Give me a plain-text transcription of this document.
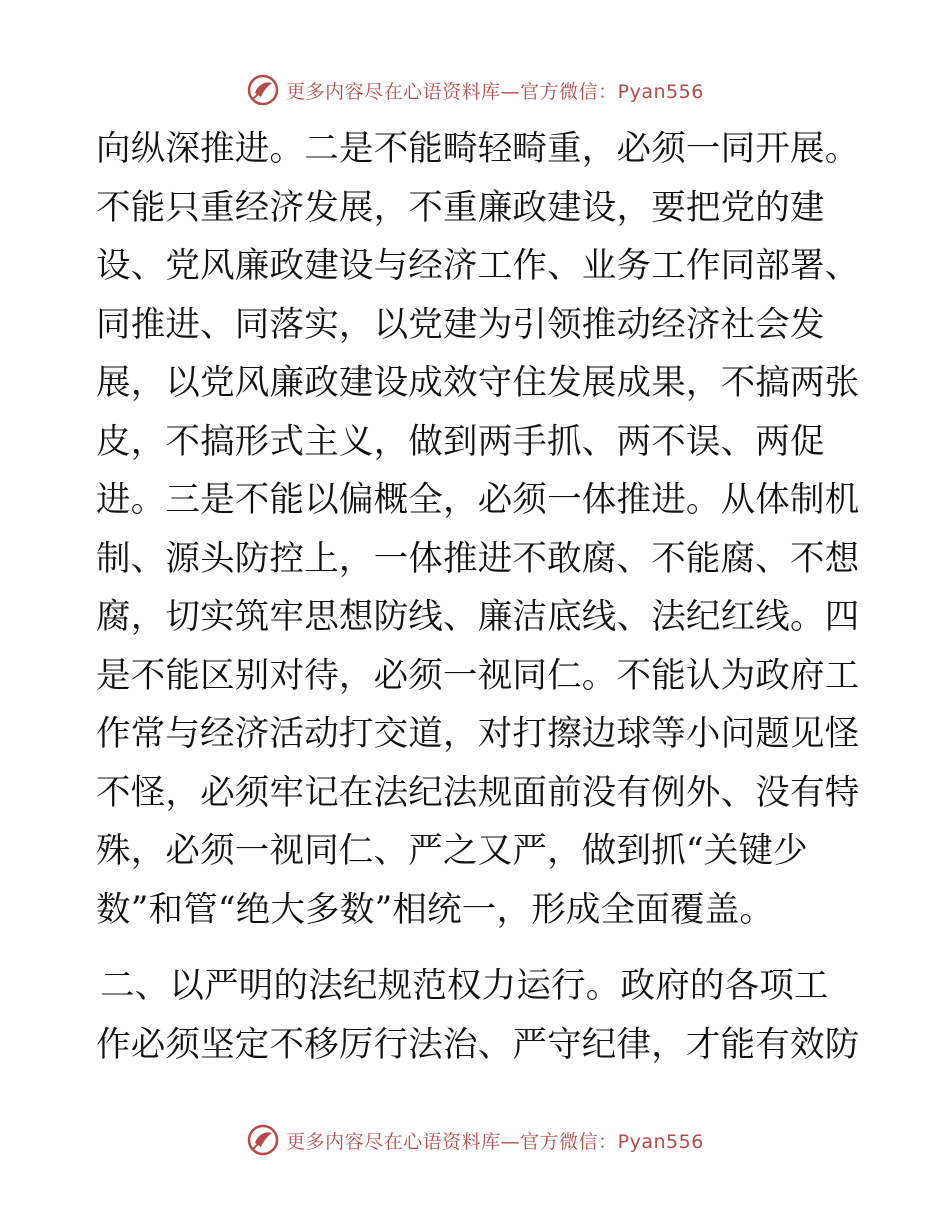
更多内容尽在心语资料库—官方微信：Pyan556
向纵深推进。二是不能畸轻畸重，必须一同开展。
不能只重经济发展，不重廉政建设，要把党的建
设、党风廉政建设与经济工作、业务工作同部署、
同推进、同落实，以党建为引领推动经济社会发
展，以党风廉政建设成效守住发展成果，不搞两张
皮，不搞形式主义，做到两手抓、两不误、两促
进。三是不能以偏概全，必须一体推进。从体制机
制、源头防控上，一体推进不敢腐、不能腐、不想
腐，切实筑牢思想防线、廉洁底线、法纪红线。四
是不能区别对待，必须一视同仁。不能认为政府工
作常与经济活动打交道，对打擦边球等小问题见怪
不怪，必须牢记在法纪法规面前没有例外、没有特
殊，必须一视同仁、严之又严，做到抓“关键少
数”和管“绝大多数”相统一，形成全面覆盖。
二、以严明的法纪规范权力运行。政府的各项工
作必须坚定不移厉行法治、严守纪律，才能有效防
更多内容尽在心语资料库—官方微信：Pyan556
